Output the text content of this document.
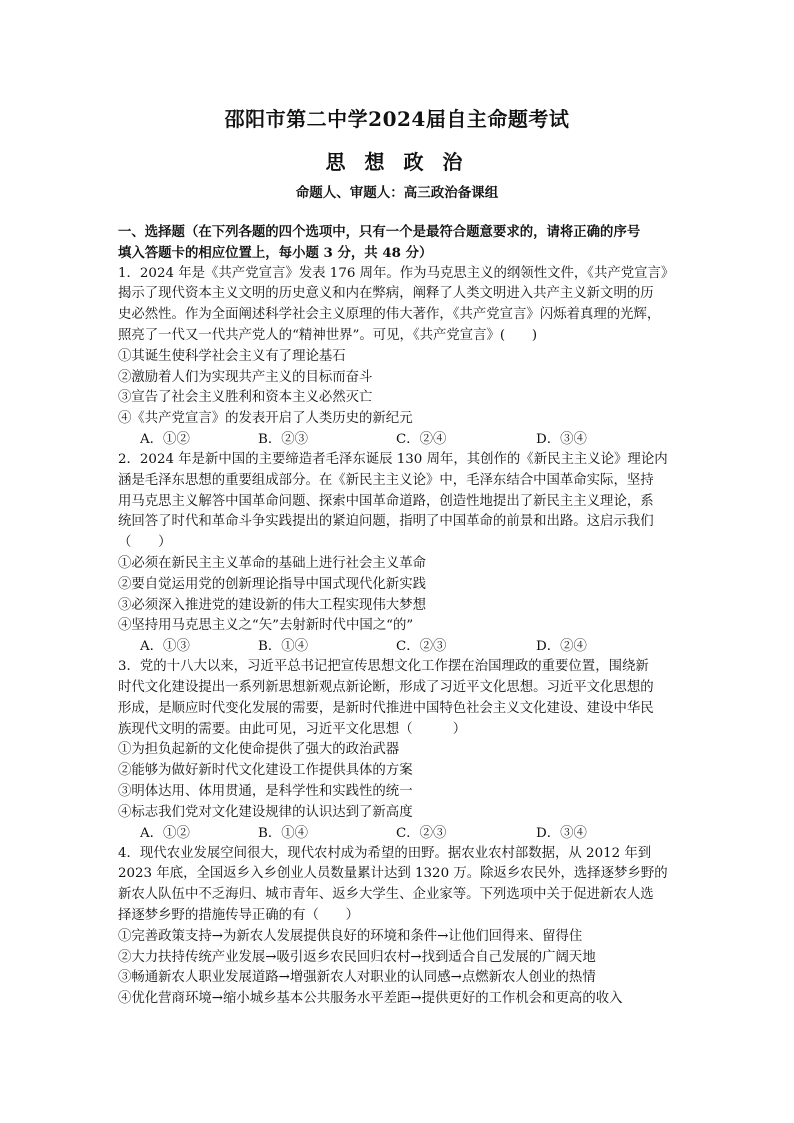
邵阳市第二中学2024届自主命题考试
思 想 政 治
命题人、审题人：高三政治备课组
一、选择题（在下列各题的四个选项中，只有一个是最符合题意要求的，请将正确的序号
填入答题卡的相应位置上，每小题 3 分，共 48 分）
1．2024 年是《共产党宣言》发表 176 周年。作为马克思主义的纲领性文件，《共产党宣言》
揭示了现代资本主义文明的历史意义和内在弊病，阐释了人类文明进入共产主义新文明的历
史必然性。作为全面阐述科学社会主义原理的伟大著作，《共产党宣言》闪烁着真理的光辉，
照亮了一代又一代共产党人的“精神世界”。可见，《共产党宣言》(　　)
①其诞生使科学社会主义有了理论基石
②激励着人们为实现共产主义的目标而奋斗
③宣告了社会主义胜利和资本主义必然灭亡
④《共产党宣言》的发表开启了人类历史的新纪元
A．①②	B．②③	C．②④	D．③④
2．2024 年是新中国的主要缔造者毛泽东诞辰 130 周年，其创作的《新民主主义论》理论内
涵是毛泽东思想的重要组成部分。在《新民主主义论》中，毛泽东结合中国革命实际，坚持
用马克思主义解答中国革命问题、探索中国革命道路，创造性地提出了新民主主义理论，系
统回答了时代和革命斗争实践提出的紧迫问题，指明了中国革命的前景和出路。这启示我们
（　　）
①必须在新民主主义革命的基础上进行社会主义革命
②要自觉运用党的创新理论指导中国式现代化新实践
③必须深入推进党的建设新的伟大工程实现伟大梦想
④坚持用马克思主义之“矢”去射新时代中国之“的”
A．①③	B．①④	C．②③	D．②④
3．党的十八大以来，习近平总书记把宣传思想文化工作摆在治国理政的重要位置，围绕新
时代文化建设提出一系列新思想新观点新论断，形成了习近平文化思想。习近平文化思想的
形成，是顺应时代变化发展的需要，是新时代推进中国特色社会主义文化建设、建设中华民
族现代文明的需要。由此可见，习近平文化思想（　　　）
①为担负起新的文化使命提供了强大的政治武器
②能够为做好新时代文化建设工作提供具体的方案
③明体达用、体用贯通，是科学性和实践性的统一
④标志我们党对文化建设规律的认识达到了新高度
A．①②	B．①④	C．②③	D．③④
4．现代农业发展空间很大，现代农村成为希望的田野。据农业农村部数据，从 2012 年到
2023 年底，全国返乡入乡创业人员数量累计达到 1320 万。除返乡农民外，选择逐梦乡野的
新农人队伍中不乏海归、城市青年、返乡大学生、企业家等。下列选项中关于促进新农人选
择逐梦乡野的措施传导正确的有（　　）
①完善政策支持→为新农人发展提供良好的环境和条件→让他们回得来、留得住
②大力扶持传统产业发展→吸引返乡农民回归农村→找到适合自己发展的广阔天地
③畅通新农人职业发展道路→增强新农人对职业的认同感→点燃新农人创业的热情
④优化营商环境→缩小城乡基本公共服务水平差距→提供更好的工作机会和更高的收入
